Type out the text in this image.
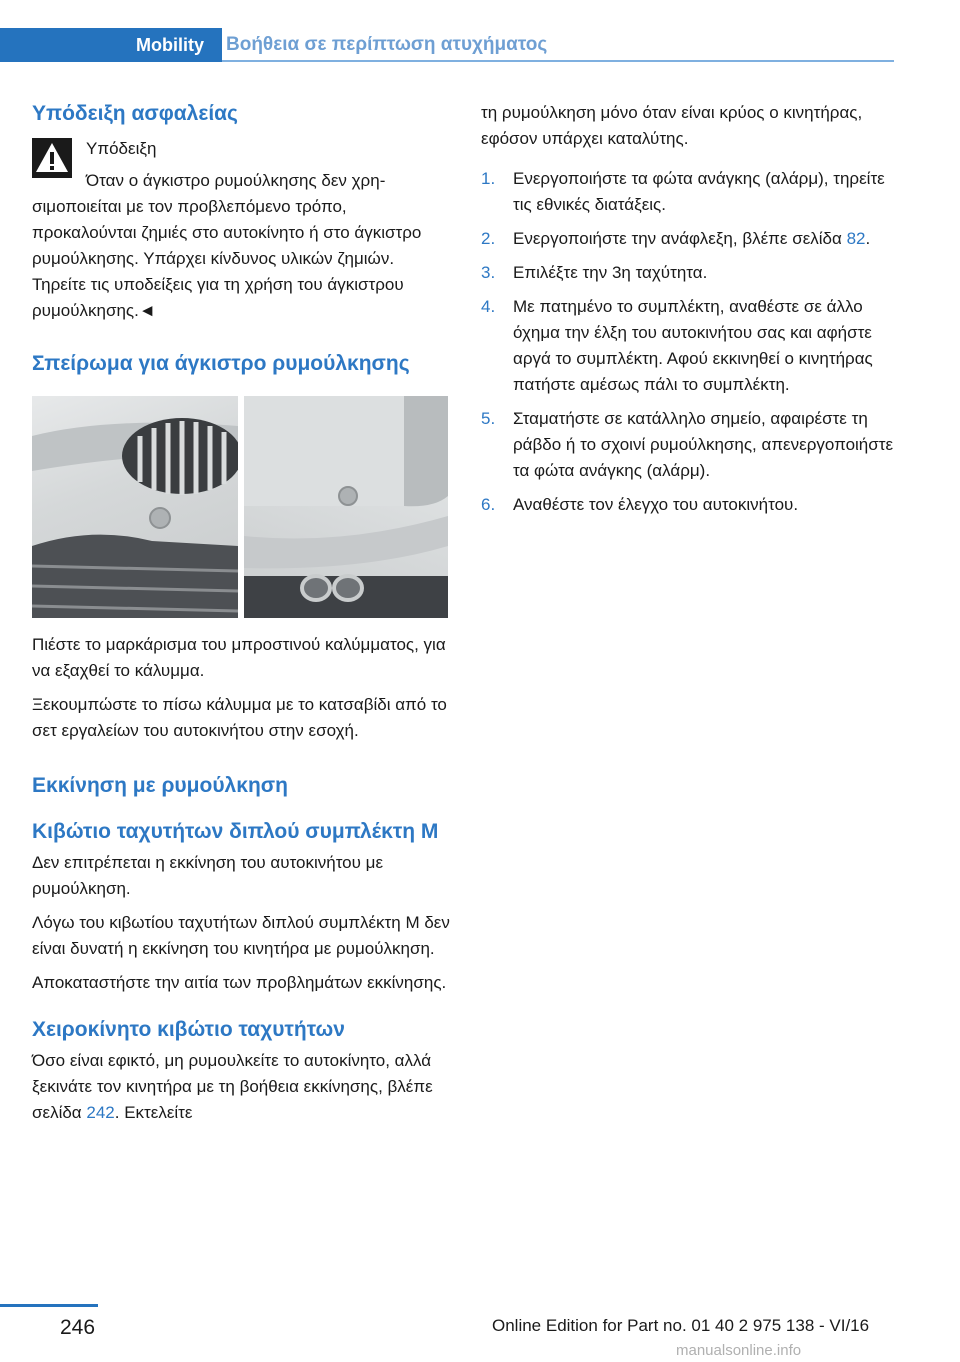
Mobility	Βοήθεια σε περίπτωση ατυχήματος
Υπόδειξη ασφαλείας

Υπόδειξη

Όταν ο άγκιστρο ρυμούλκησης δεν χρησιμοποιείται με τον προβλεπόμενο τρόπο, προκαλούνται ζημιές στο αυτοκίνητο ή στο άγκιστρο ρυμούλκησης. Υπάρχει κίνδυνος υλικών ζημιών. Τηρείτε τις υποδείξεις για τη χρήση του άγκιστρου ρυμούλκησης.◄

Σπείρωμα για άγκιστρο ρυμούλκησης

Πιέστε το μαρκάρισμα του μπροστινού καλύμματος, για να εξαχθεί το κάλυμμα.

Ξεκουμπώστε το πίσω κάλυμμα με το κατσαβίδι από το σετ εργαλείων του αυτοκινήτου στην εσοχή.

Εκκίνηση με ρυμούλκηση
Κιβώτιο ταχυτήτων διπλού συμπλέκτη M

Δεν επιτρέπεται η εκκίνηση του αυτοκινήτου με ρυμούλκηση.

Λόγω του κιβωτίου ταχυτήτων διπλού συμπλέκτη M δεν είναι δυνατή η εκκίνηση του κινητήρα με ρυμούλκηση.

Αποκαταστήστε την αιτία των προβλημάτων εκκίνησης.

Χειροκίνητο κιβώτιο ταχυτήτων

Όσο είναι εφικτό, μη ρυμουλκείτε το αυτοκίνητο, αλλά ξεκινάτε τον κινητήρα με τη βοήθεια εκκίνησης, βλέπε σελίδα 242. Εκτελείτε

τη ρυμούλκηση μόνο όταν είναι κρύος ο κινητήρας, εφόσον υπάρχει καταλύτης.

1. Ενεργοποιήστε τα φώτα ανάγκης (αλάρμ), τηρείτε τις εθνικές διατάξεις.
2. Ενεργοποιήστε την ανάφλεξη, βλέπε σελίδα 82.
3. Επιλέξτε την 3η ταχύτητα.
4. Με πατημένο το συμπλέκτη, αναθέστε σε άλλο όχημα την έλξη του αυτοκινήτου σας και αφήστε αργά το συμπλέκτη. Αφού εκκινηθεί ο κινητήρας πατήστε αμέσως πάλι το συμπλέκτη.
5. Σταματήστε σε κατάλληλο σημείο, αφαιρέστε τη ράβδο ή το σχοινί ρυμούλκησης, απενεργοποιήστε τα φώτα ανάγκης (αλάρμ).
6. Αναθέστε τον έλεγχο του αυτοκινήτου.
246	Online Edition for Part no. 01 40 2 975 138 - VI/16
manualsonline.info
